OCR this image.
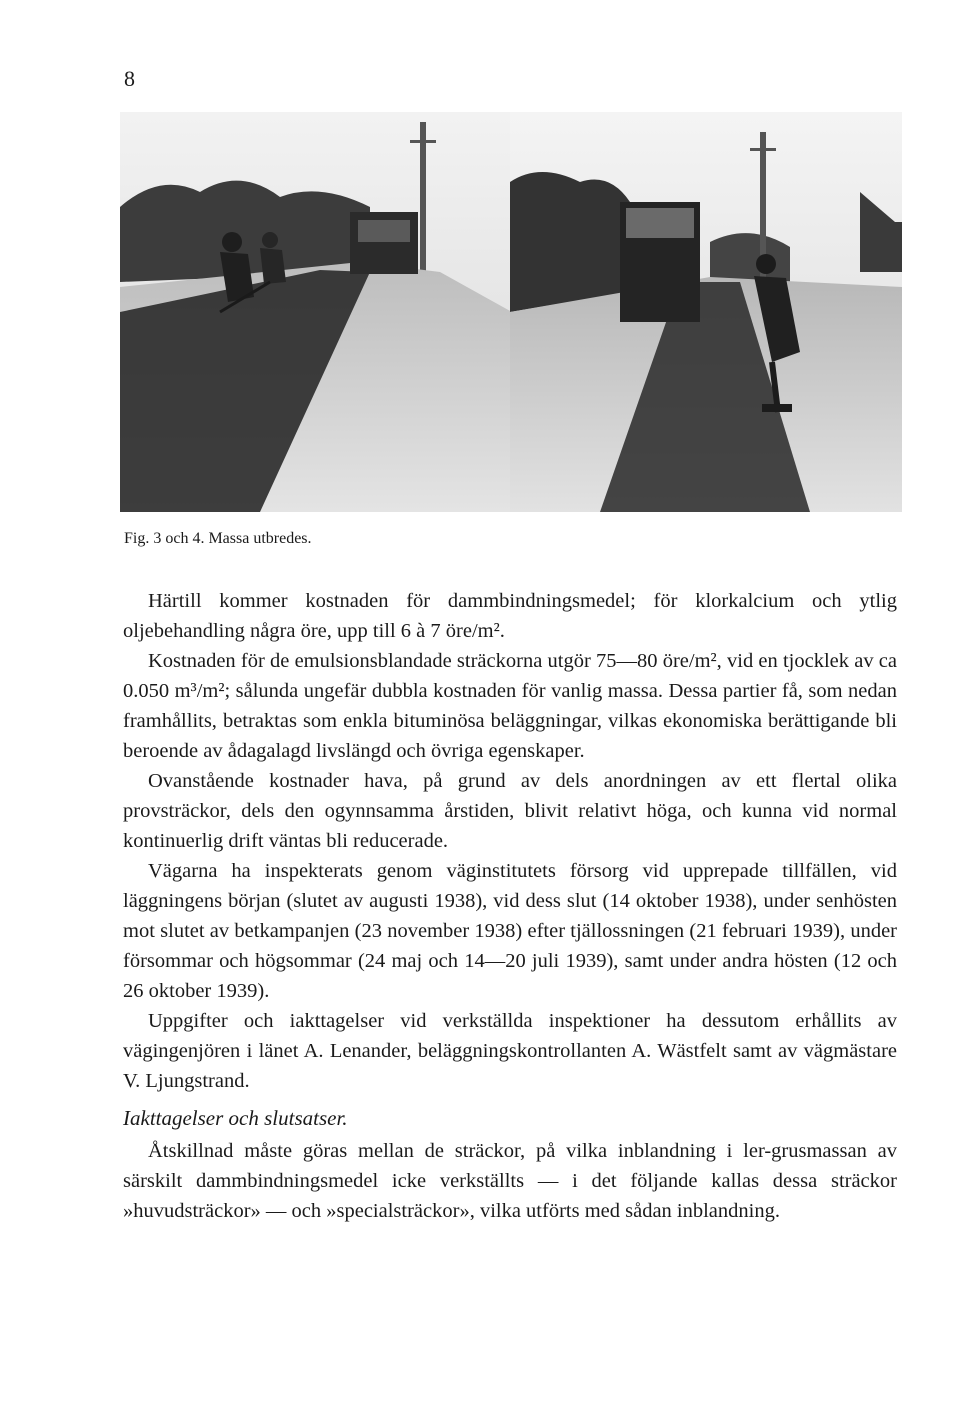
8
Fig. 3 och 4. Massa utbredes.

Härtill kommer kostnaden för dammbindningsmedel; för klorkalcium och ytlig oljebehandling några öre, upp till 6 à 7 öre/m².

Kostnaden för de emulsionsblandade sträckorna utgör 75—80 öre/m², vid en tjocklek av ca 0.050 m³/m²; sålunda ungefär dubbla kostnaden för vanlig massa. Dessa partier få, som nedan framhållits, betraktas som enkla bituminösa beläggningar, vilkas ekonomiska berättigande bli beroende av ådagalagd livslängd och övriga egenskaper.

Ovanstående kostnader hava, på grund av dels anordningen av ett flertal olika provsträckor, dels den ogynnsamma årstiden, blivit relativt höga, och kunna vid normal kontinuerlig drift väntas bli reducerade.

Vägarna ha inspekterats genom väginstitutets försorg vid upprepade tillfällen, vid läggningens början (slutet av augusti 1938), vid dess slut (14 oktober 1938), under senhösten mot slutet av betkampanjen (23 november 1938) efter tjällossningen (21 februari 1939), under försommar och högsommar (24 maj och 14—20 juli 1939), samt under andra hösten (12 och 26 oktober 1939).

Uppgifter och iakttagelser vid verkställda inspektioner ha dessutom erhållits av vägingenjören i länet A. Lenander, beläggningskontrollanten A. Wästfelt samt av vägmästare V. Ljungstrand.

Iakttagelser och slutsatser.

Åtskillnad måste göras mellan de sträckor, på vilka inblandning i ler-grusmassan av särskilt dammbindningsmedel icke verkställts — i det följande kallas dessa sträckor »huvudsträckor» — och »specialsträckor», vilka utförts med sådan inblandning.
